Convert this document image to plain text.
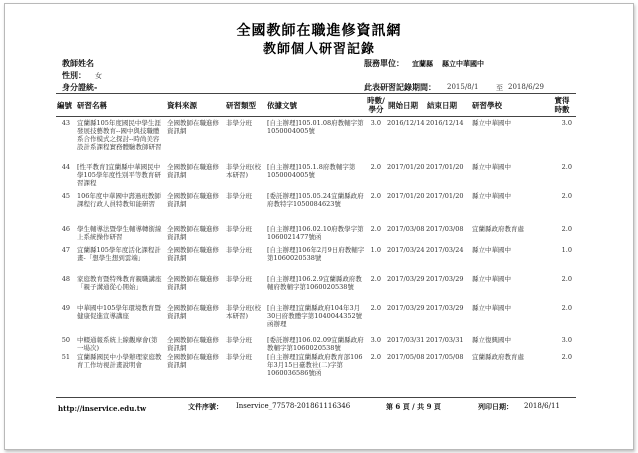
全國教師在職進修資訊網
教師個人研習記錄
教師姓名
性別： 女
身分證統-
服務單位： 宜蘭縣 縣立中華國中
此表研習記錄期間： 2015/8/1	至 2018/6/29
編號 研習名稱	資料來源	研習類型 依據文號
時數/學分 開始日期 結束日期 研習學校
實得時數
43 宜蘭縣105年度國民中學生涯發展技藝教育--國中與技職體系合作模式之探討--時尚美容設計系課程實務體驗教師研習
全國教師在職進修資訊網
非學分班	[自主辦理]105.01.08府教輔字第1050004005號
3.0 2016/12/14 2016/12/14	縣立中華國中	3.0
44 [性平教育]宜蘭縣中華國民中學105學年度性別平等教育研習課程
全國教師在職進修資訊網
非學分班(校本研習)
[自主辦理]105.1.8府教輔字第1050004005號
2.0 2017/01/20 2017/01/20	縣立中華國中	2.0
45 106年度中華國中壽過班教師課程行政人員特教知能研習
全國教師在職進修資訊網
非學分班	[委託辦理]105.05.24宜蘭縣政府府教特字1050084623號
2.0 2017/01/20 2017/01/20	縣立中華國中	2.0
46 學生輔導法暨學生輔導轉銜線上系統操作研習
全國教師在職進修資訊網
非學分班	[自主辦理]106.02.10府教學字第1060021477號函
2.0 2017/03/08 2017/03/08	宜蘭縣政府教育處	2.0
47 宜蘭縣105學年度活化課程計畫-「想學生想到雲端」
全國教師在職進修資訊網
非學分班	[自主辦理]106年2月9日府教輔字第1060020538號
1.0 2017/03/24 2017/03/24	縣立中華國中	1.0
48 家庭教育暨特殊教育親職講座「親子溝通從心開始」
全國教師在職進修資訊網
非學分班	[自主辦理]106.2.9宜蘭縣政府教輔府教輔字第1060020538號
2.0 2017/03/29 2017/03/29	縣立中華國中	2.0
49 中華國中105學年環境教育暨健康促進宣導講座
全國教師在職進修資訊網
非學分班(校本研習)
[自主辦理]宜蘭縣政府104年3月30日府教體字第1040044352號函辦理
2.0 2017/03/29 2017/03/29	縣立中華國中	2.0
50 中輟通報系統上線觀摩會(第一場次)
全國教師在職進修資訊網
非學分班	[委託辦理]106.02.09宜蘭縣政府教輔字第1060020538號
3.0 2017/03/31 2017/03/31	縣立復興國中	3.0
51 宜蘭縣國民中小學辦理家庭教育工作坊視計畫說明會
全國教師在職進修資訊網
非學分班	[自主辦理]宜蘭縣政府教育部106年3月15日臺教社(二)字第1060036586號函
2.0 2017/05/08 2017/05/08	宜蘭縣政府教育處	2.0
http://inservice.edu.tw	文件序號： Inservice_77578-201861116346	第 6 頁 / 共 9 頁	列印日期： 2018/6/11
